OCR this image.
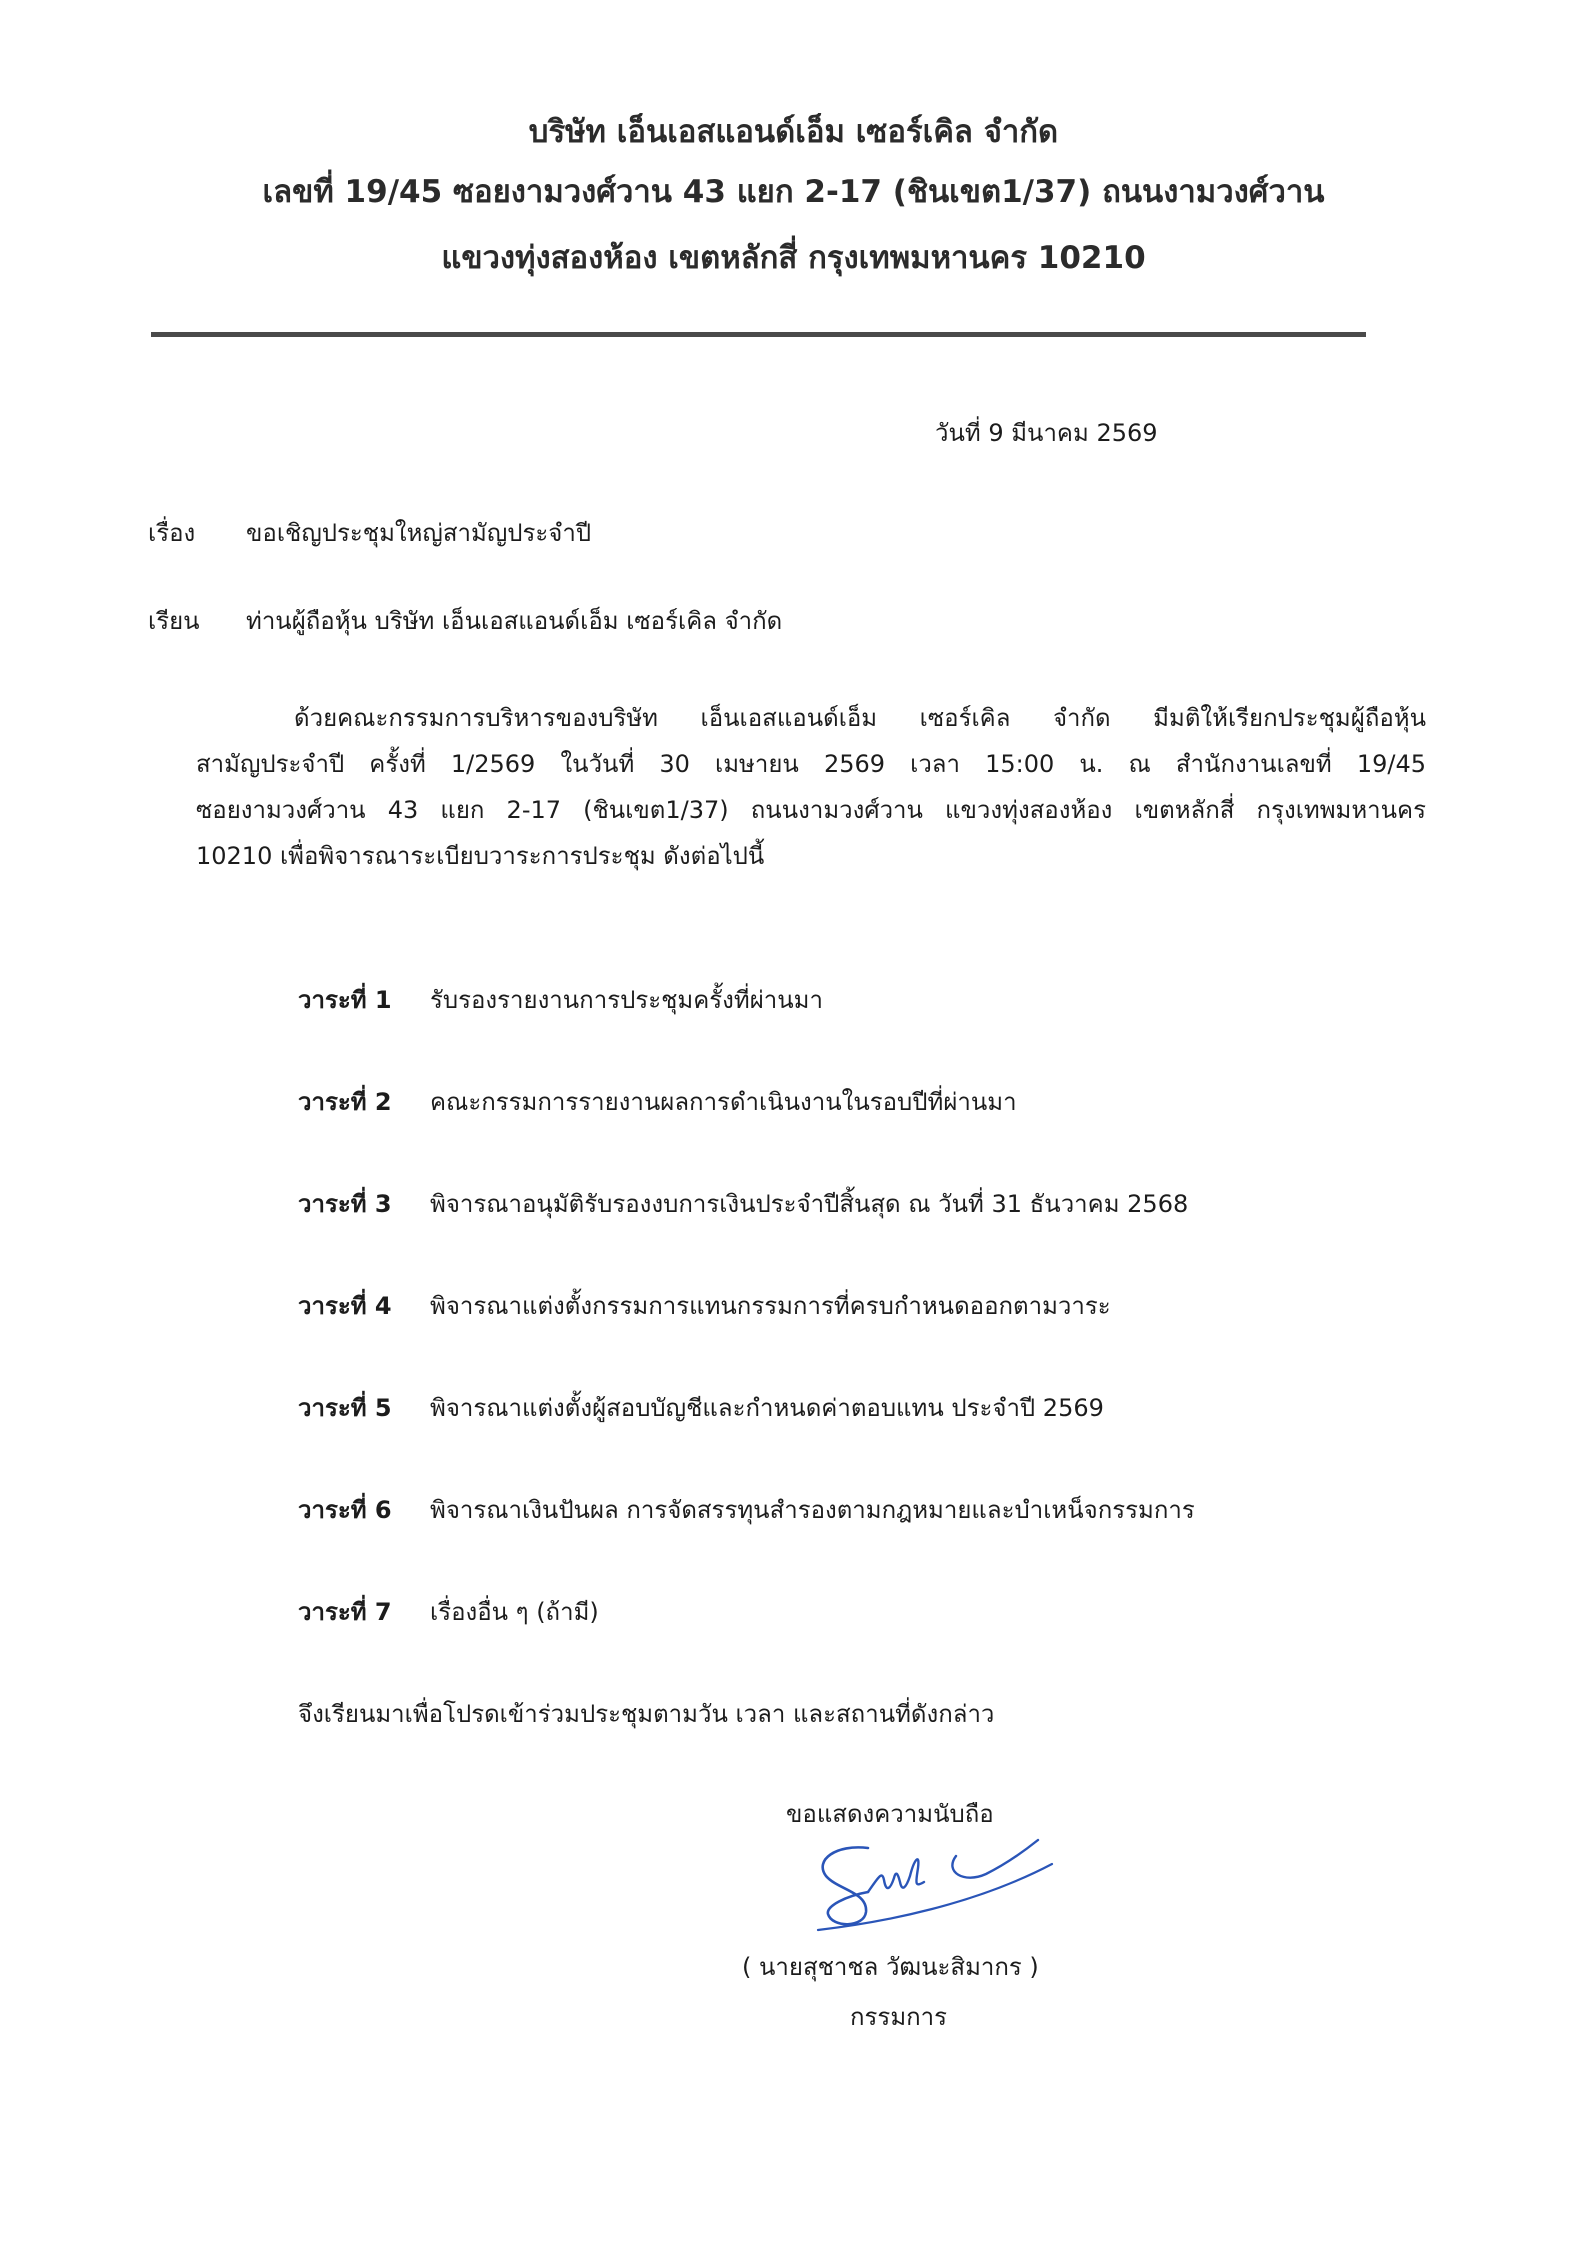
บริษัท เอ็นเอสแอนด์เอ็ม เซอร์เคิล จำกัด
เลขที่ 19/45 ซอยงามวงศ์วาน 43 แยก 2-17 (ชินเขต1/37) ถนนงามวงศ์วาน
แขวงทุ่งสองห้อง เขตหลักสี่ กรุงเทพมหานคร 10210
วันที่ 9 มีนาคม 2569
เรื่อง ขอเชิญประชุมใหญ่สามัญประจำปี
เรียน ท่านผู้ถือหุ้น บริษัท เอ็นเอสแอนด์เอ็ม เซอร์เคิล จำกัด
ด้วยคณะกรรมการบริหารของบริษัท เอ็นเอสแอนด์เอ็ม เซอร์เคิล จำกัด มีมติให้เรียกประชุมผู้ถือหุ้น
สามัญประจำปี ครั้งที่ 1/2569 ในวันที่ 30 เมษายน 2569 เวลา 15:00 น. ณ สำนักงานเลขที่ 19/45
ซอยงามวงศ์วาน 43 แยก 2-17 (ชินเขต1/37) ถนนงามวงศ์วาน แขวงทุ่งสองห้อง เขตหลักสี่ กรุงเทพมหานคร
10210 เพื่อพิจารณาระเบียบวาระการประชุม ดังต่อไปนี้
วาระที่ 1 รับรองรายงานการประชุมครั้งที่ผ่านมา
วาระที่ 2 คณะกรรมการรายงานผลการดำเนินงานในรอบปีที่ผ่านมา
วาระที่ 3 พิจารณาอนุมัติรับรองงบการเงินประจำปีสิ้นสุด ณ วันที่ 31 ธันวาคม 2568
วาระที่ 4 พิจารณาแต่งตั้งกรรมการแทนกรรมการที่ครบกำหนดออกตามวาระ
วาระที่ 5 พิจารณาแต่งตั้งผู้สอบบัญชีและกำหนดค่าตอบแทน ประจำปี 2569
วาระที่ 6 พิจารณาเงินปันผล การจัดสรรทุนสำรองตามกฎหมายและบำเหน็จกรรมการ
วาระที่ 7 เรื่องอื่น ๆ (ถ้ามี)
จึงเรียนมาเพื่อโปรดเข้าร่วมประชุมตามวัน เวลา และสถานที่ดังกล่าว
ขอแสดงความนับถือ
( นายสุชาชล วัฒนะสิมากร )
กรรมการ
